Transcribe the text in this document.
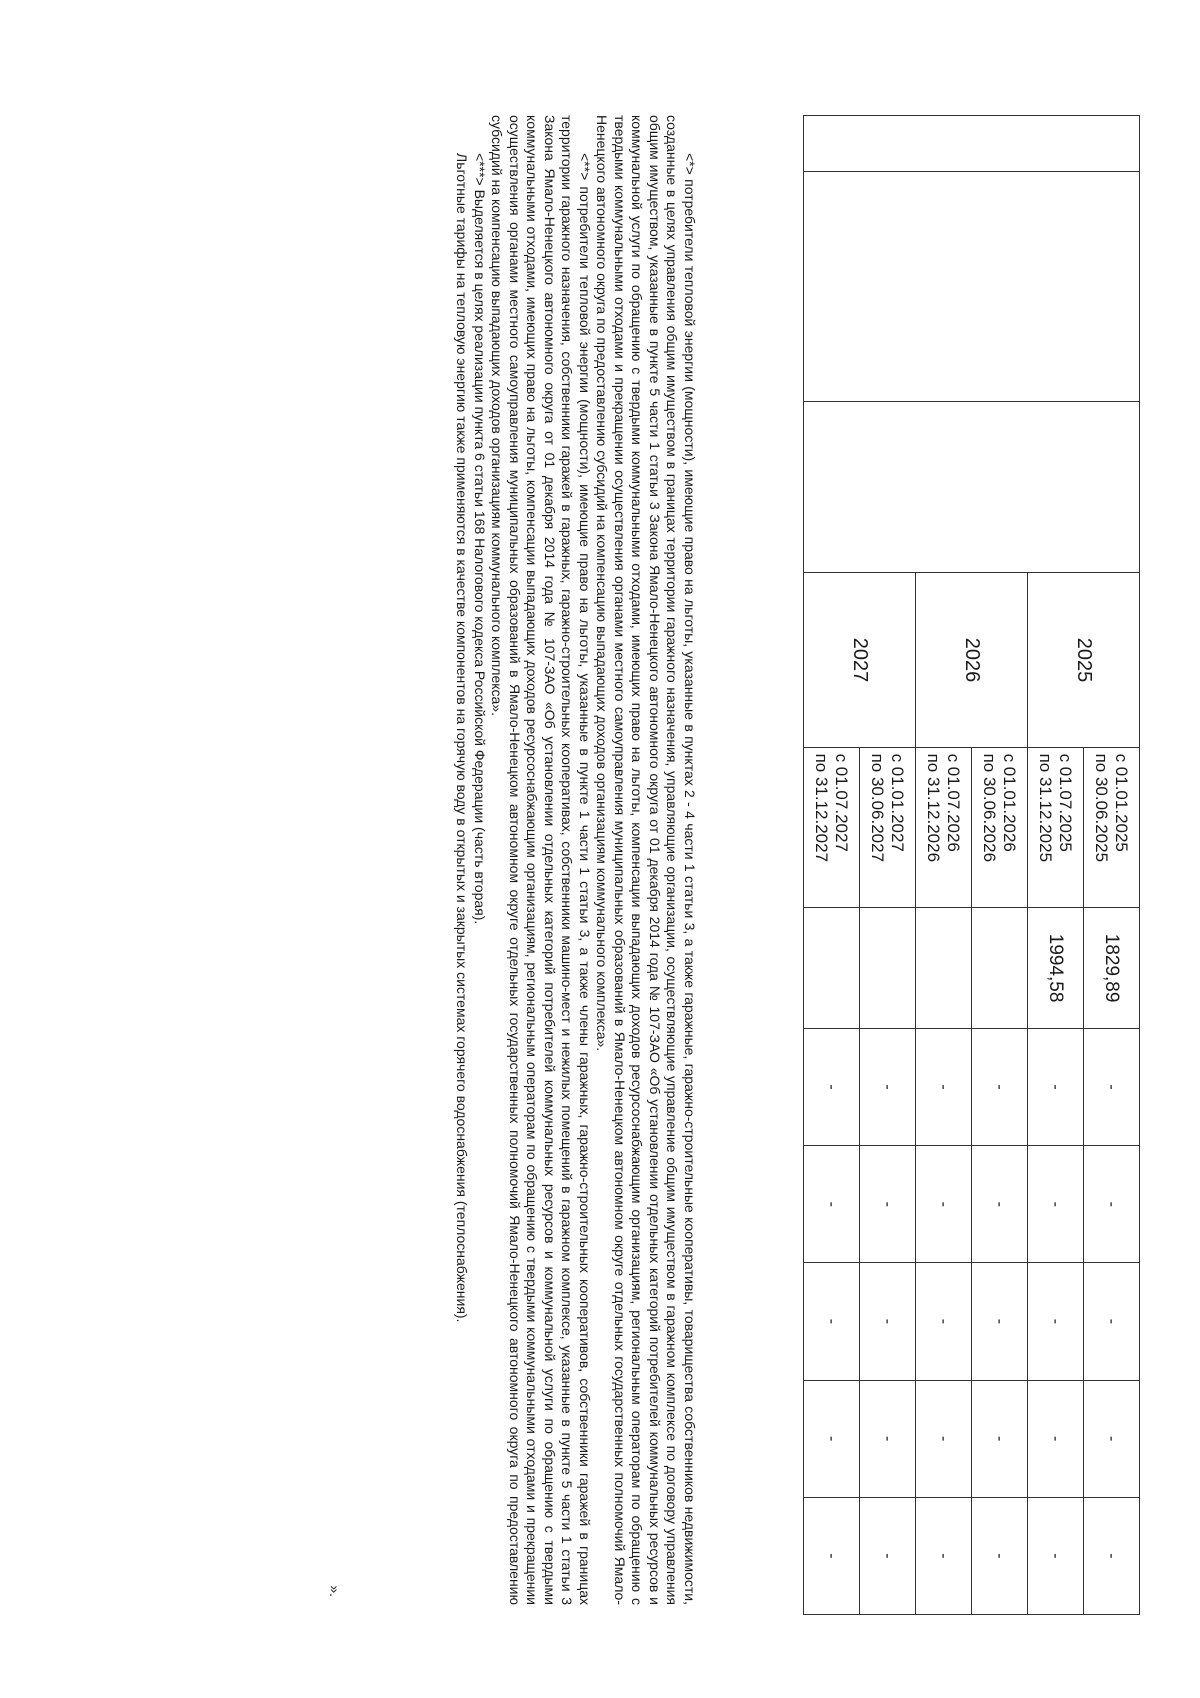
			2025	с 01.01.2025
по 30.06.2025	1829,89	-	-	-	-	-
				с 01.07.2025
по 31.12.2025	1994,58	-	-	-	-	-
			2026	с 01.01.2026
по 30.06.2026		-	-	-	-	-
				с 01.07.2026
по 31.12.2026		-	-	-	-	-
			2027	с 01.01.2027
по 30.06.2027		-	-	-	-	-
				с 01.07.2027
по 31.12.2027		-	-	-	-	-

<*> потребители тепловой энергии (мощности), имеющие право на льготы, указанные в пунктах 2 - 4 части 1 статьи 3, а также гаражные, гаражно-строительные кооперативы, товарищества собственников недвижимости, созданные в целях управления общим имуществом в границах территории гаражного назначения, управляющие организации, осуществляющие управление общим имуществом в гаражном комплексе по договору управления общим имуществом, указанные в пункте 5 части 1 статьи 3 Закона Ямало-Ненецкого автономного округа от 01 декабря 2014 года № 107-ЗАО «Об установлении отдельных категорий потребителей коммунальных ресурсов и коммунальной услуги по обращению с твердыми коммунальными отходами, имеющих право на льготы, компенсации выпадающих доходов ресурсоснабжающим организациям, региональным операторам по обращению с твердыми коммунальными отходами и прекращении осуществления органами местного самоуправления муниципальных образований в Ямало-Ненецком автономном округе отдельных государственных полномочий Ямало-Ненецкого автономного округа по предоставлению субсидий на компенсацию выпадающих доходов организациям коммунального комплекса».

<**> потребители тепловой энергии (мощности), имеющие право на льготы, указанные в пункте 1 части 1 статьи 3, а также члены гаражных, гаражно-строительных кооперативов, собственники гаражей в границах территории гаражного назначения, собственники гаражей в гаражных, гаражно-строительных кооперативах, собственники машино-мест и нежилых помещений в гаражном комплексе, указанные в пункте 5 части 1 статьи 3 Закона Ямало-Ненецкого автономного округа от 01 декабря 2014 года № 107-ЗАО «Об установлении отдельных категорий потребителей коммунальных ресурсов и коммунальной услуги по обращению с твердыми коммунальными отходами, имеющих право на льготы, компенсации выпадающих доходов ресурсоснабжающим организациям, региональным операторам по обращению с твердыми коммунальными отходами и прекращении осуществления органами местного самоуправления муниципальных образований в Ямало-Ненецком автономном округе отдельных государственных полномочий Ямало-Ненецкого автономного округа по предоставлению субсидий на компенсацию выпадающих доходов организациям коммунального комплекса».

<***> Выделяется в целях реализации пункта 6 статьи 168 Налогового кодекса Российской Федерации (часть вторая).

Льготные тарифы на тепловую энергию также применяются в качестве компонентов на горячую воду в открытых и закрытых системах горячего водоснабжения (теплоснабжения).

».
